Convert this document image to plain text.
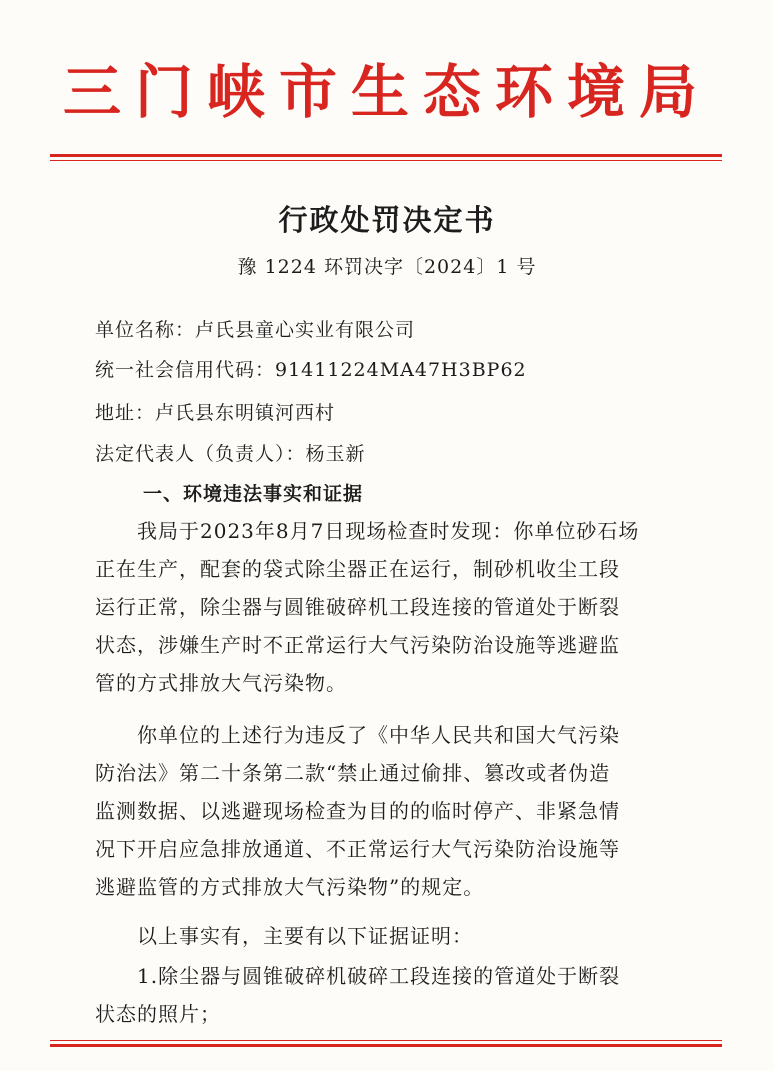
三门峡市生态环境局
行政处罚决定书
豫 1224 环罚决字〔2024〕1 号
单位名称：卢氏县童心实业有限公司
统一社会信用代码：91411224MA47H3BP62
地址：卢氏县东明镇河西村
法定代表人（负责人）：杨玉新
一、环境违法事实和证据
　　我局于2023年8月7日现场检查时发现：你单位砂石场
正在生产，配套的袋式除尘器正在运行，制砂机收尘工段
运行正常，除尘器与圆锥破碎机工段连接的管道处于断裂
状态，涉嫌生产时不正常运行大气污染防治设施等逃避监
管的方式排放大气污染物。
　　你单位的上述行为违反了《中华人民共和国大气污染
防治法》第二十条第二款“禁止通过偷排、篡改或者伪造
监测数据、以逃避现场检查为目的的临时停产、非紧急情
况下开启应急排放通道、不正常运行大气污染防治设施等
逃避监管的方式排放大气污染物”的规定。
　　以上事实有，主要有以下证据证明：
　　1.除尘器与圆锥破碎机破碎工段连接的管道处于断裂
状态的照片；
